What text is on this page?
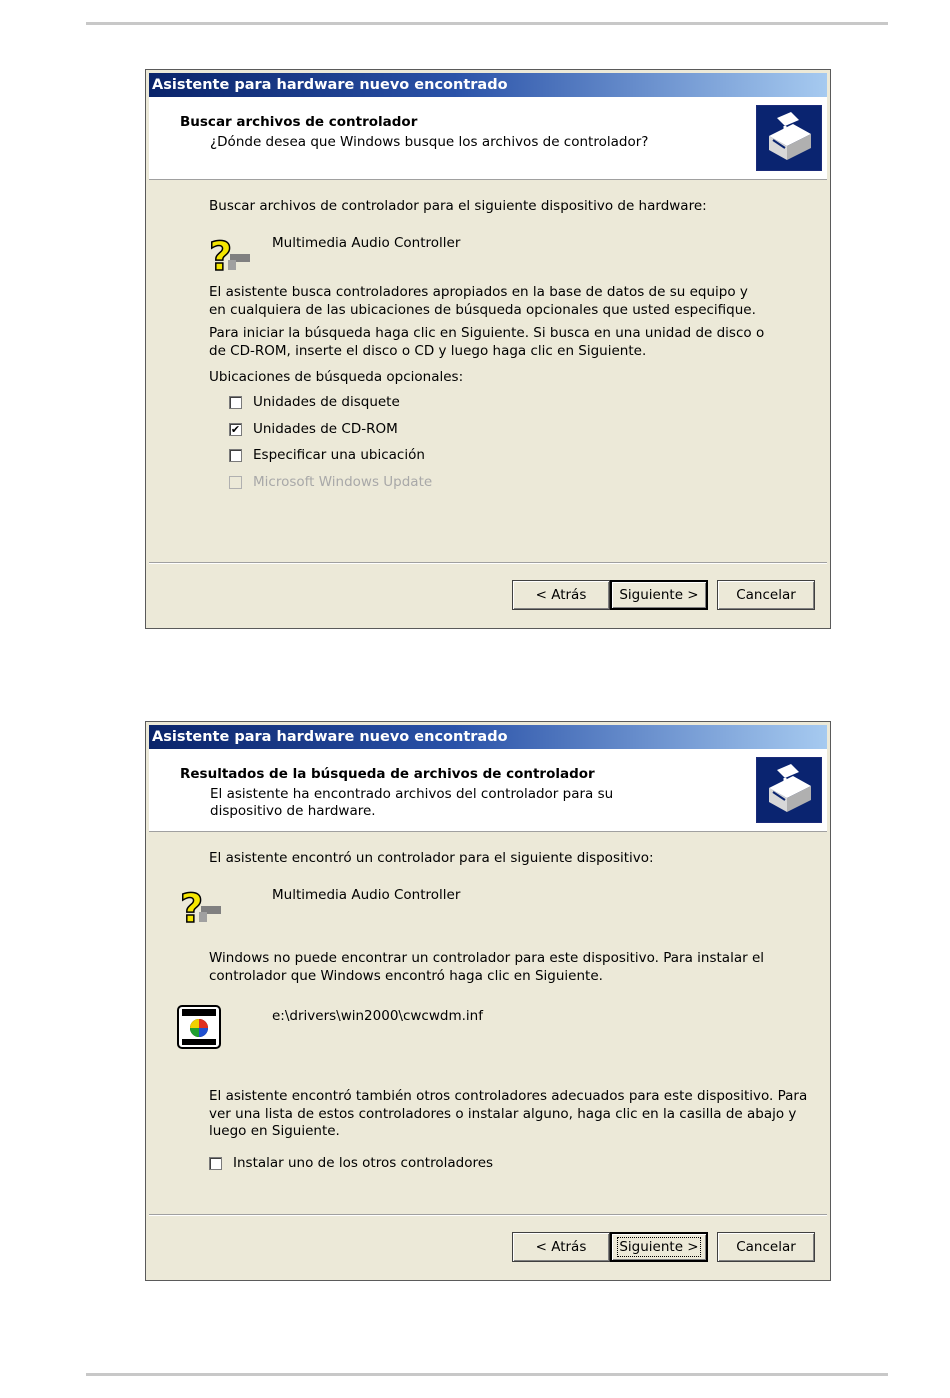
Asistente para hardware nuevo encontrado
Buscar archivos de controlador
¿Dónde desea que Windows busque los archivos de controlador?
Buscar archivos de controlador para el siguiente dispositivo de hardware:
?	Multimedia Audio Controller
El asistente busca controladores apropiados en la base de datos de su equipo y en cualquiera de las ubicaciones de búsqueda opcionales que usted especifique.
Para iniciar la búsqueda haga clic en Siguiente. Si busca en una unidad de disco o de CD-ROM, inserte el disco o CD y luego haga clic en Siguiente.
Ubicaciones de búsqueda opcionales:
Unidades de disquete
✔ Unidades de CD-ROM
Especificar una ubicación
Microsoft Windows Update
< Atrás Siguiente >	Cancelar
Asistente para hardware nuevo encontrado
Resultados de la búsqueda de archivos de controlador
El asistente ha encontrado archivos del controlador para su dispositivo de hardware.
El asistente encontró un controlador para el siguiente dispositivo:
?	Multimedia Audio Controller
Windows no puede encontrar un controlador para este dispositivo. Para instalar el controlador que Windows encontró haga clic en Siguiente.
e:\drivers\win2000\cwcwdm.inf
El asistente encontró también otros controladores adecuados para este dispositivo. Para ver una lista de estos controladores o instalar alguno, haga clic en la casilla de abajo y luego en Siguiente.
Instalar uno de los otros controladores
< Atrás Siguiente >	Cancelar
